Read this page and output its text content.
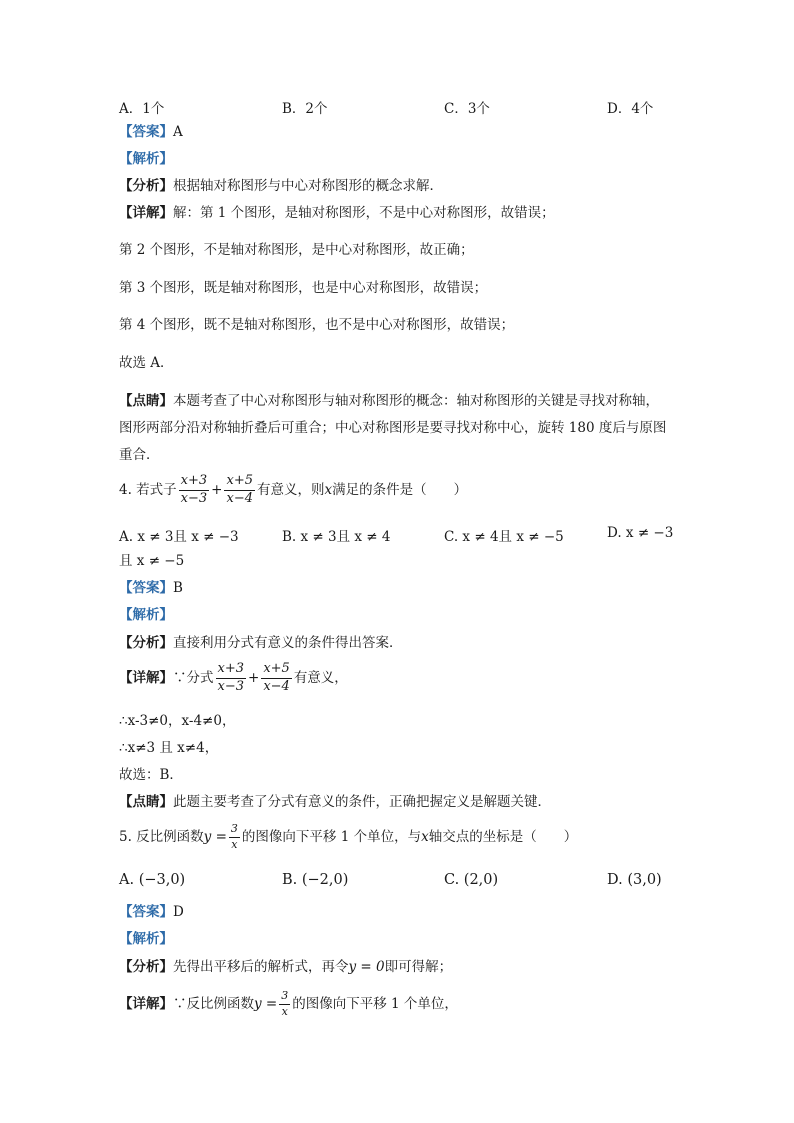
A．1个	B．2个	C．3个	D．4个
【答案】A
【解析】
【分析】根据轴对称图形与中心对称图形的概念求解．
【详解】解：第 1 个图形，是轴对称图形，不是中心对称图形，故错误；
第 2 个图形，不是轴对称图形，是中心对称图形，故正确；
第 3 个图形，既是轴对称图形，也是中心对称图形，故错误；
第 4 个图形，既不是轴对称图形，也不是中心对称图形，故错误；
故选 A．
【点睛】本题考查了中心对称图形与轴对称图形的概念：轴对称图形的关键是寻找对称轴，
图形两部分沿对称轴折叠后可重合；中心对称图形是要寻找对称中心，旋转 180 度后与原图
重合．
4. 若式子 $\frac{x+3}{x-3} + \frac{x+5}{x-4}$ 有意义，则 x 满足的条件是（　　）
A. x ≠ 3且 x ≠ −3	B. x ≠ 3且 x ≠ 4	C. x ≠ 4且 x ≠ −5	D. x ≠ −3
且 x ≠ −5
【答案】B
【解析】
【分析】直接利用分式有意义的条件得出答案．
【详解】 ∵分式 $\frac{x+3}{x-3} + \frac{x+5}{x-4}$ 有意义，
∴x-3≠0，x-4≠0，
∴x≠3 且 x≠4，
故选：B．
【点睛】此题主要考查了分式有意义的条件，正确把握定义是解题关键．
5. 反比例函数 $y = \frac{3}{x}$ 的图像向下平移 1 个单位，与 x 轴交点的坐标是（　　）
A. (−3,0)	B. (−2,0)	C. (2,0)	D. (3,0)
【答案】D
【解析】
【分析】先得出平移后的解析式，再令y = 0即可得解；
【详解】 ∵反比例函数 $y = \frac{3}{x}$ 的图像向下平移 1 个单位，
